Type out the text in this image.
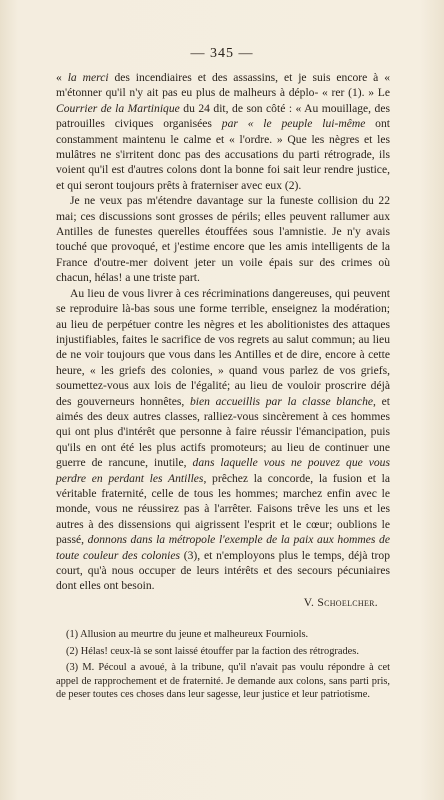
— 345 —

« la merci des incendiaires et des assassins, et je suis encore à « m'étonner qu'il n'y ait pas eu plus de malheurs à déplo- « rer (1). » Le Courrier de la Martinique du 24 dit, de son côté : « Au mouillage, des patrouilles civiques organisées par « le peuple lui-même ont constamment maintenu le calme et « l'ordre. » Que les nègres et les mulâtres ne s'irritent donc pas des accusations du parti rétrograde, ils voient qu'il est d'autres colons dont la bonne foi sait leur rendre justice, et qui seront toujours prêts à fraterniser avec eux (2).

Je ne veux pas m'étendre davantage sur la funeste collision du 22 mai; ces discussions sont grosses de périls; elles peuvent rallumer aux Antilles de funestes querelles étouffées sous l'amnistie. Je n'y avais touché que provoqué, et j'estime encore que les amis intelligents de la France d'outre-mer doivent jeter un voile épais sur des crimes où chacun, hélas! a une triste part.

Au lieu de vous livrer à ces récriminations dangereuses, qui peuvent se reproduire là-bas sous une forme terrible, enseignez la modération; au lieu de perpétuer contre les nègres et les abolitionistes des attaques injustifiables, faites le sacrifice de vos regrets au salut commun; au lieu de ne voir toujours que vous dans les Antilles et de dire, encore à cette heure, « les griefs des colonies, » quand vous parlez de vos griefs, soumettez-vous aux lois de l'égalité; au lieu de vouloir proscrire déjà des gouverneurs honnêtes, bien accueillis par la classe blanche, et aimés des deux autres classes, ralliez-vous sincèrement à ces hommes qui ont plus d'intérêt que personne à faire réussir l'émancipation, puis qu'ils en ont été les plus actifs promoteurs; au lieu de continuer une guerre de rancune, inutile, dans laquelle vous ne pouvez que vous perdre en perdant les Antilles, prêchez la concorde, la fusion et la véritable fraternité, celle de tous les hommes; marchez enfin avec le monde, vous ne réussirez pas à l'arrêter. Faisons trêve les uns et les autres à des dissensions qui aigrissent l'esprit et le cœur; oublions le passé, donnons dans la métropole l'exemple de la paix aux hommes de toute couleur des colonies (3), et n'employons plus le temps, déjà trop court, qu'à nous occuper de leurs intérêts et des secours pécuniaires dont elles ont besoin.

V. Schoelcher.

(1) Allusion au meurtre du jeune et malheureux Fourniols.

(2) Hélas! ceux-là se sont laissé étouffer par la faction des rétrogrades.

(3) M. Pécoul a avoué, à la tribune, qu'il n'avait pas voulu répondre à cet appel de rapprochement et de fraternité. Je demande aux colons, sans parti pris, de peser toutes ces choses dans leur sagesse, leur justice et leur patriotisme.
